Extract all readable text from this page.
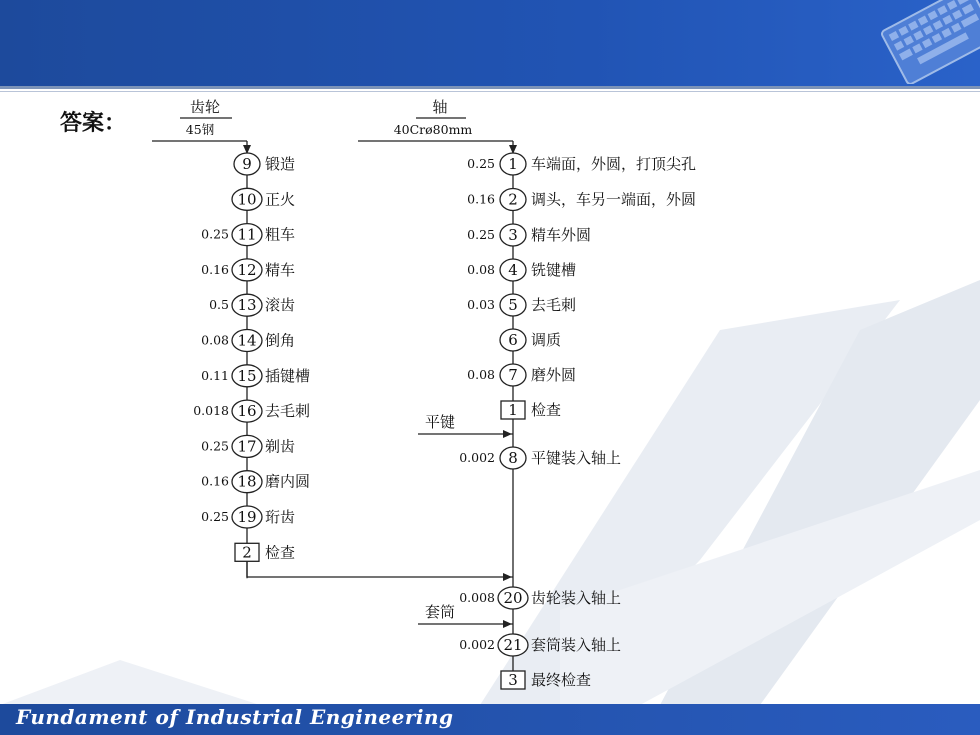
答案：
齿轮
45钢
9 锻造
10 正火
11
0.25 粗车
12
0.16 精车
13
0.5 滚齿
14
0.08 倒角
15
0.11 插键槽
16
0.018 去毛刺
17
0.25 剃齿
18
0.16 磨内圆
19
0.25 珩齿
2 检查
轴
40Crø80mm
1
0.25 车端面，外圆，打顶尖孔
2
0.16 调头，车另一端面，外圆
3
0.25 精车外圆
4
0.08 铣键槽
5
0.03 去毛刺
6 调质
7
0.08 磨外圆
1 检查
8
0.002 平键装入轴上
平键
套筒
20
0.008 齿轮装入轴上
21
0.002 套筒装入轴上
3 最终检查
Fundament of Industrial Engineering
